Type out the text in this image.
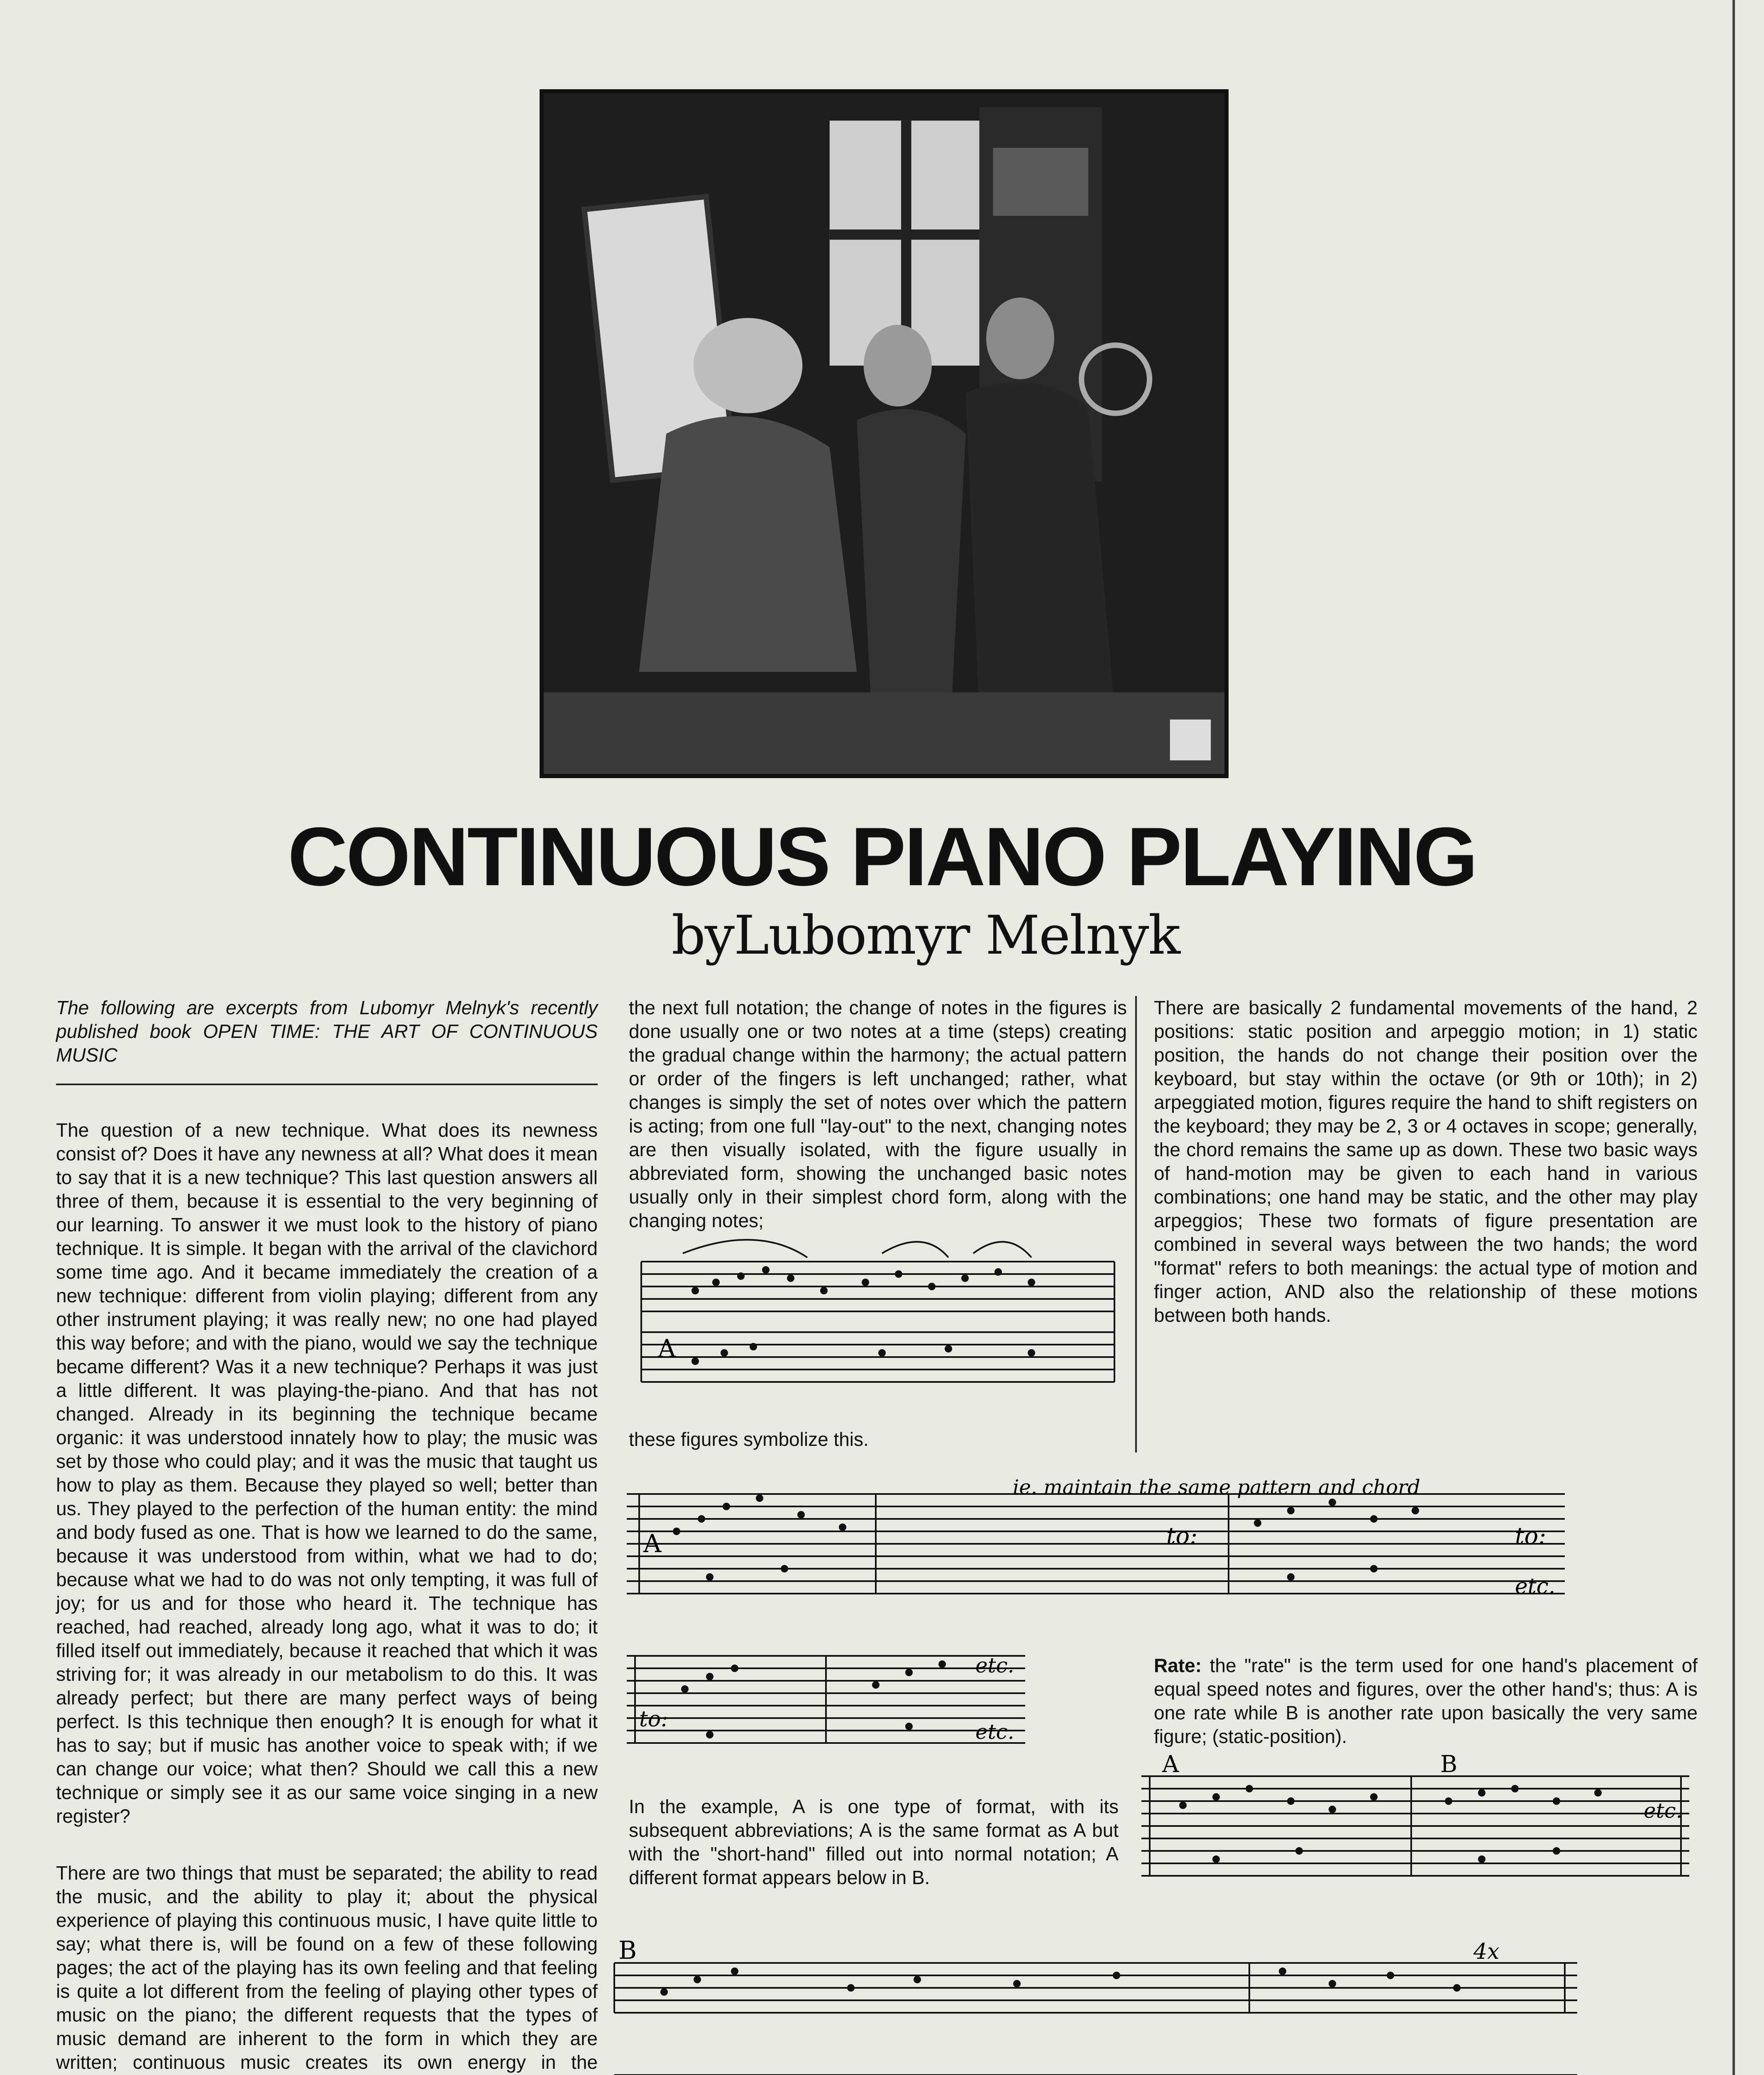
CONTINUOUS PIANO PLAYING
byLubomyr Melnyk

The following are excerpts from Lubomyr Melnyk's recently published book OPEN TIME: THE ART OF CONTINUOUS MUSIC

The question of a new technique. What does its newness consist of? Does it have any newness at all? What does it mean to say that it is a new technique? This last question answers all three of them, because it is essential to the very beginning of our learning. To answer it we must look to the history of piano technique. It is simple. It began with the arrival of the clavichord some time ago. And it became immediately the creation of a new technique: different from violin playing; different from any other instrument playing; it was really new; no one had played this way before; and with the piano, would we say the technique became different? Was it a new technique? Perhaps it was just a little different. It was playing-the-piano. And that has not changed. Already in its beginning the technique became organic: it was understood innately how to play; the music was set by those who could play; and it was the music that taught us how to play as them. Because they played so well; better than us. They played to the perfection of the human entity: the mind and body fused as one. That is how we learned to do the same, because it was understood from within, what we had to do; because what we had to do was not only tempting, it was full of joy; for us and for those who heard it. The technique has reached, had reached, already long ago, what it was to do; it filled itself out immediately, because it reached that which it was striving for; it was already in our metabolism to do this. It was already perfect; but there are many perfect ways of being perfect. Is this technique then enough? It is enough for what it has to say; but if music has another voice to speak with; if we can change our voice; what then? Should we call this a new technique or simply see it as our same voice singing in a new register?

There are two things that must be separated; the ability to read the music, and the ability to play it; about the physical experience of playing this continuous music, I have quite little to say; what there is, will be found on a few of these following pages; the act of the playing has its own feeling and that feeling is quite a lot different from the feeling of playing other types of music on the piano; the different requests that the types of music demand are inherent to the form in which they are written; continuous music creates its own energy in the

the next full notation; the change of notes in the figures is done usually one or two notes at a time (steps) creating the gradual change within the harmony; the actual pattern or order of the fingers is left unchanged; rather, what changes is simply the set of notes over which the pattern is acting; from one full "lay-out" to the next, changing notes are then visually isolated, with the figure usually in abbreviated form, showing the unchanged basic notes usually only in their simplest chord form, along with the changing notes;

There are basically 2 fundamental movements of the hand, 2 positions: static position and arpeggio motion; in 1) static position, the hands do not change their position over the keyboard, but stay within the octave (or 9th or 10th); in 2) arpeggiated motion, figures require the hand to shift registers on the keyboard; they may be 2, 3 or 4 octaves in scope; generally, the chord remains the same up as down. These two basic ways of hand-motion may be given to each hand in various combinations; one hand may be static, and the other may play arpeggios; These two formats of figure presentation are combined in several ways between the two hands; the word "format" refers to both meanings: the actual type of motion and finger action, AND also the relationship of these motions between both hands.

Rate: the "rate" is the term used for one hand's placement of equal speed notes and figures, over the other hand's; thus: A is one rate while B is another rate upon basically the very same figure; (static-position).

A
these figures symbolize this.
A
ie. maintain the same pattern and chord
to:	to:
etc.
to:
etc.
etc.
In the example, A is one type of format, with its subsequent abbreviations; A is the same format as A but with the "short-hand" filled out into normal notation; A different format appears below in B.
A	B
etc.
B	4x
